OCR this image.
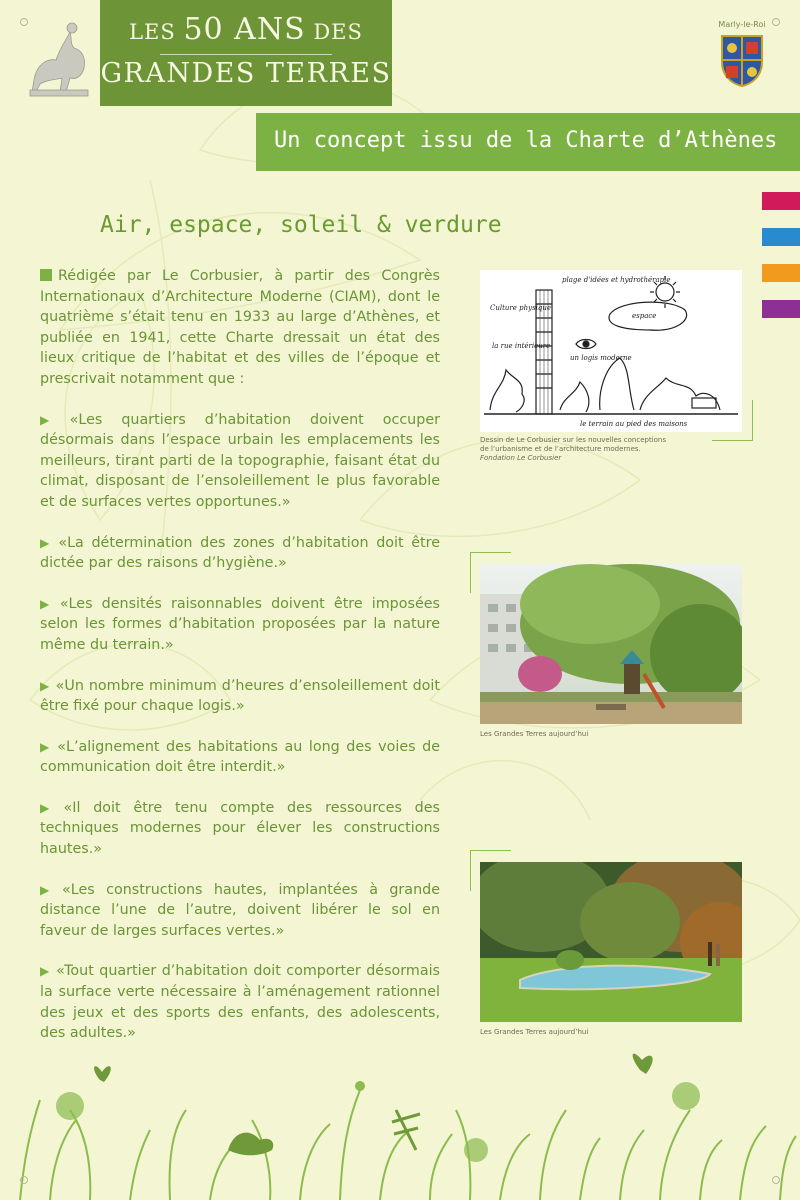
LES 50 ANS DES
GRANDES TERRES
Marly-le-Roi
Un concept issu de la Charte d’Athènes
Air, espace, soleil & verdure

Rédigée par Le Corbusier, à partir des Congrès Internationaux d’Architecture Moderne (CIAM), dont le quatrième s’était tenu en 1933 au large d’Athènes, et publiée en 1941, cette Charte dressait un état des lieux critique de l’habitat et des villes de l’époque et prescrivait notamment que :

▶ «Les quartiers d’habitation doivent occuper désormais dans l’espace urbain les emplacements les meilleurs, tirant parti de la topographie, faisant état du climat, disposant de l’ensoleillement le plus favorable et de surfaces vertes opportunes.»

▶ «La détermination des zones d’habitation doit être dictée par des raisons d’hygiène.»

▶ «Les densités raisonnables doivent être imposées selon les formes d’habitation proposées par la nature même du terrain.»

▶ «Un nombre minimum d’heures d’ensoleillement doit être fixé pour chaque logis.»

▶ «L’alignement des habitations au long des voies de communication doit être interdit.»

▶ «Il doit être tenu compte des ressources des techniques modernes pour élever les constructions hautes.»

▶ «Les constructions hautes, implantées à grande distance l’une de l’autre, doivent libérer le sol en faveur de larges surfaces vertes.»

▶ «Tout quartier d’habitation doit comporter désormais la surface verte nécessaire à l’aménagement rationnel des jeux et des sports des enfants, des adolescents, des adultes.»

plage d'idées et hydrothérapie
Culture physique
espace
un logis moderne
la rue intérieure
le terrain au pied des maisons
Dessin de Le Corbusier sur les nouvelles conceptions
de l’urbanisme et de l’architecture modernes.
Fondation Le Corbusier
Les Grandes Terres aujourd’hui
Les Grandes Terres aujourd’hui
